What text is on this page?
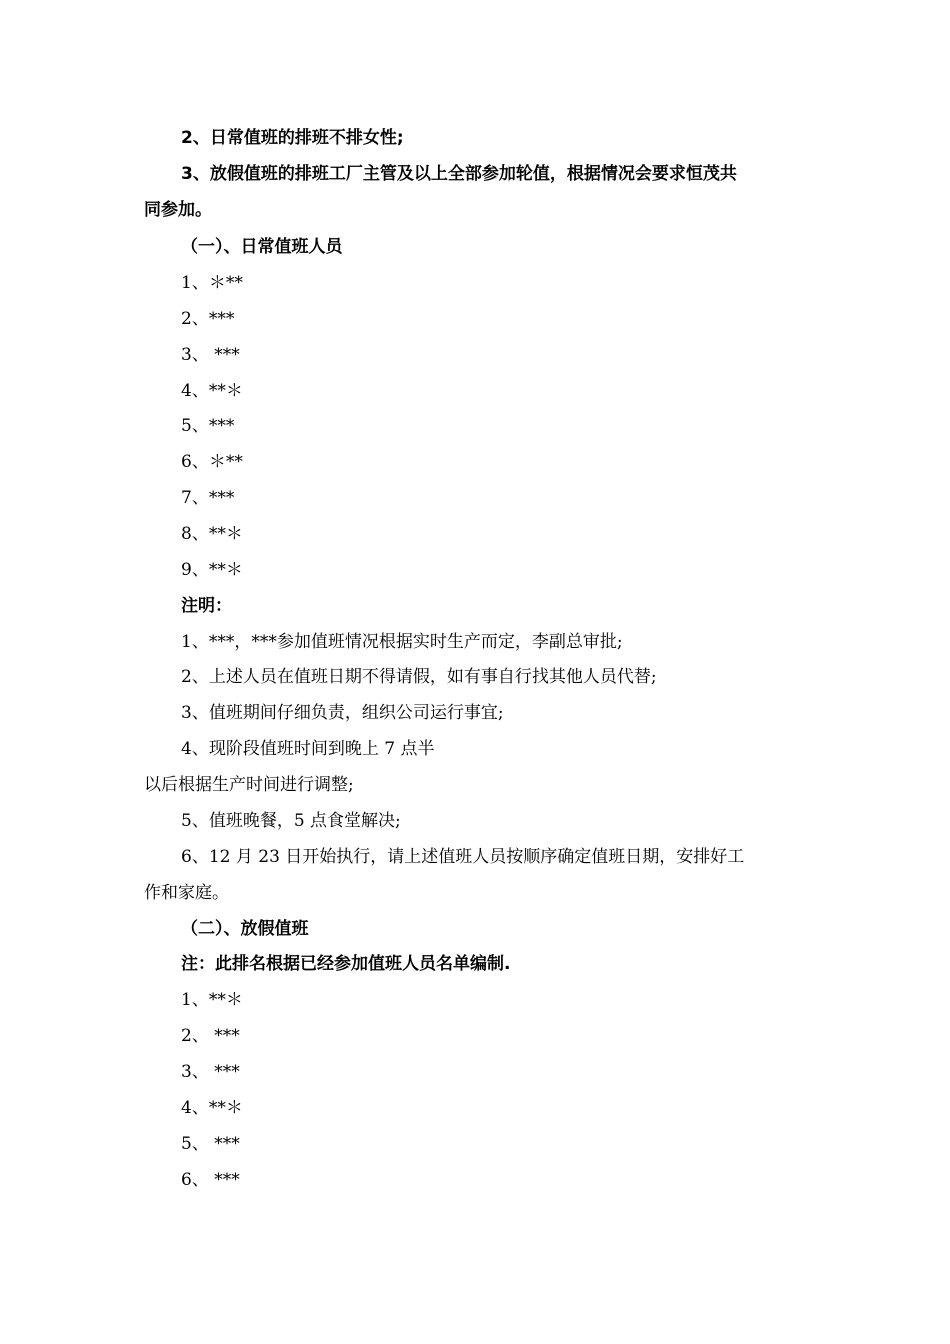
2、日常值班的排班不排女性;
3、放假值班的排班工厂主管及以上全部参加轮值，根据情况会要求恒茂共
同参加。
（一）、日常值班人员
1、＊**
2、***
3、 ***
4、**＊
5、***
6、＊**
7、***
8、**＊
9、**＊
注明：
1、***，***参加值班情况根据实时生产而定，李副总审批;
2、上述人员在值班日期不得请假，如有事自行找其他人员代替;
3、值班期间仔细负责，组织公司运行事宜;
4、现阶段值班时间到晚上 7 点半
以后根据生产时间进行调整;
5、值班晚餐，5 点食堂解决;
6、12 月 23 日开始执行，请上述值班人员按顺序确定值班日期，安排好工
作和家庭。
（二）、放假值班
注：此排名根据已经参加值班人员名单编制.
1、**＊
2、 ***
3、 ***
4、**＊
5、 ***
6、 ***
